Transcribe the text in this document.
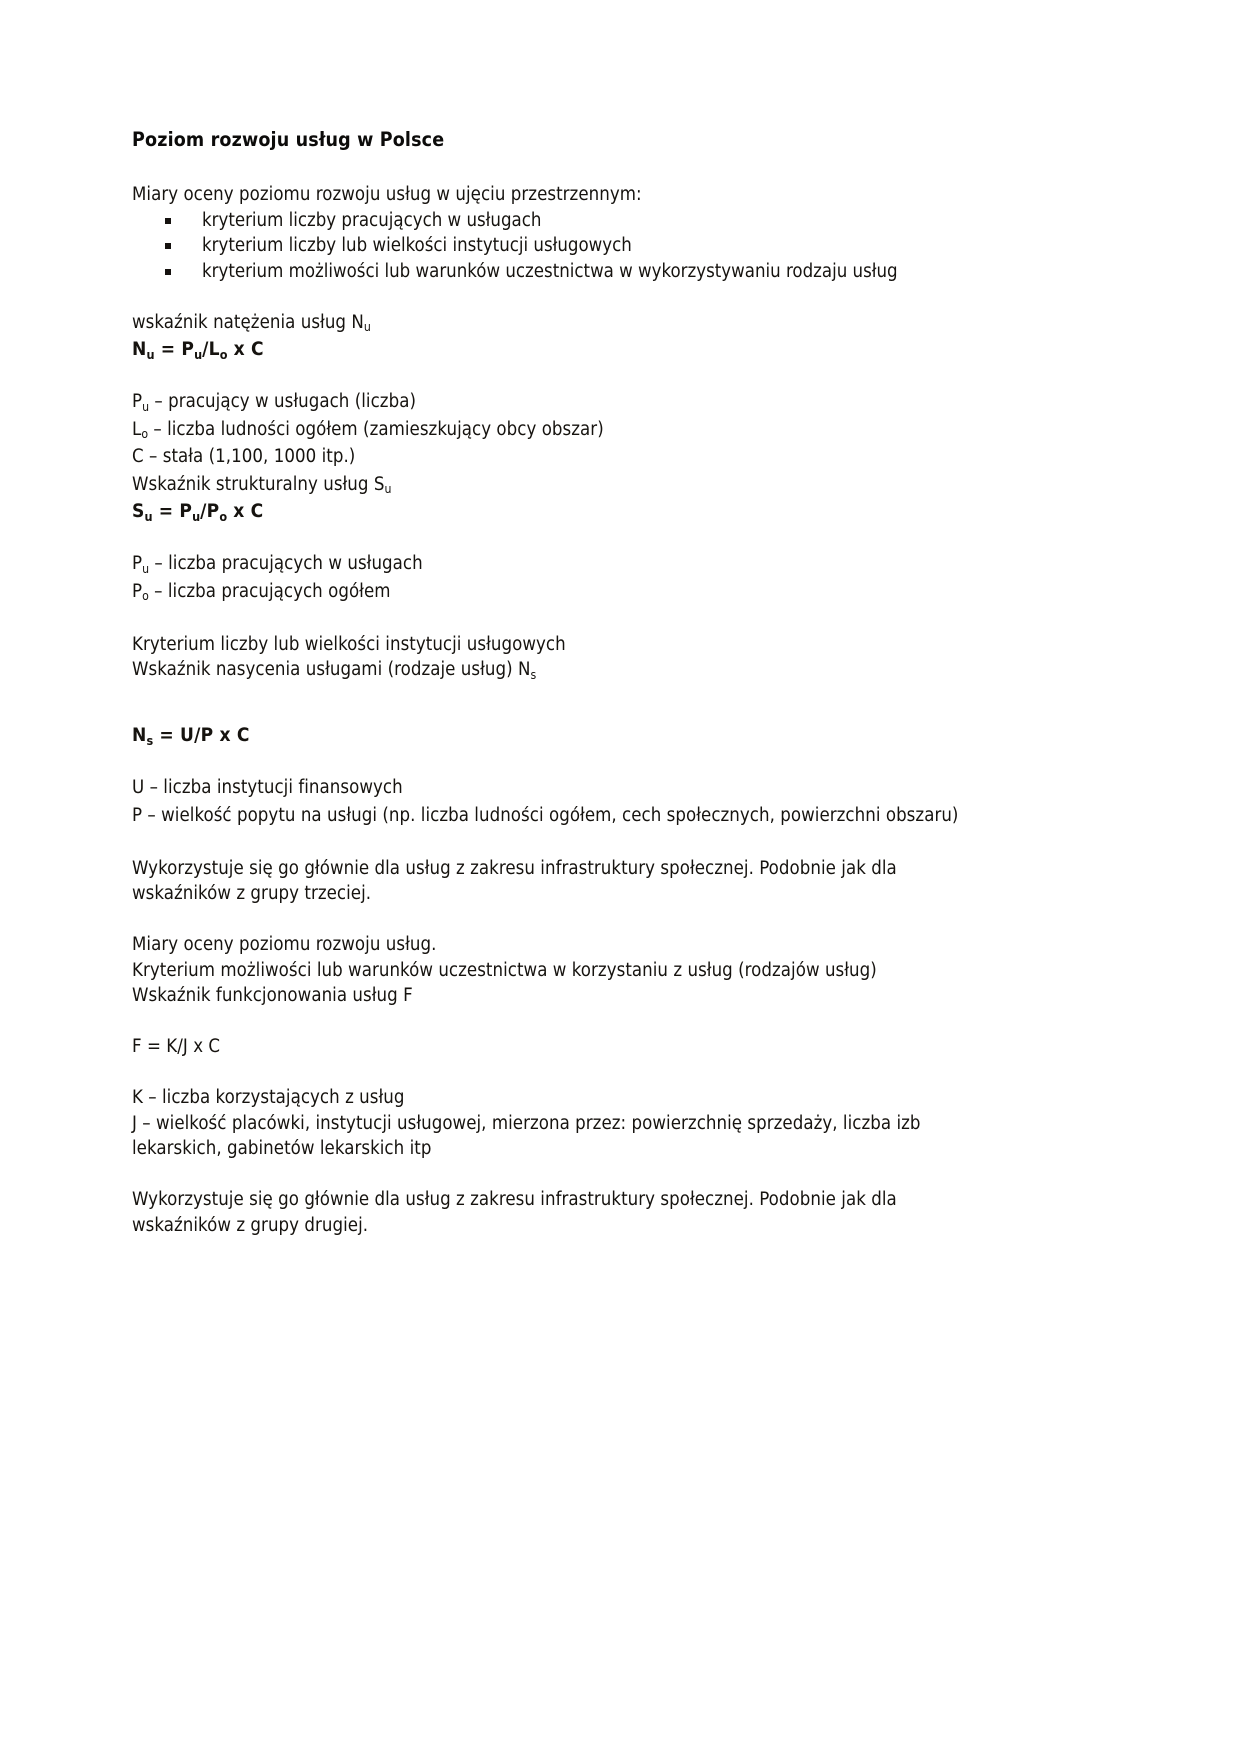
Poziom rozwoju usług w Polsce

Miary oceny poziomu rozwoju usług w ujęciu przestrzennym:

kryterium liczby pracujących w usługach
kryterium liczby lub wielkości instytucji usługowych
kryterium możliwości lub warunków uczestnictwa w wykorzystywaniu rodzaju usług

wskaźnik natężenia usług $N_u$

$N_u = P_u/L_o$ x C

$P_u$ – pracujący w usługach (liczba)

$L_o$ – liczba ludności ogółem (zamieszkujący obcy obszar)

C – stała (1,100, 1000 itp.)

Wskaźnik strukturalny usług $S_u$

$S_u = P_u/P_o$ x C

$P_u$ – liczba pracujących w usługach

$P_o$ – liczba pracujących ogółem

Kryterium liczby lub wielkości instytucji usługowych

Wskaźnik nasycenia usługami (rodzaje usług) $N_s$

$N_s = U/P$ x C

U – liczba instytucji finansowych

P – wielkość popytu na usługi (np. liczba ludności ogółem, cech społecznych, powierzchni obszaru)

Wykorzystuje się go głównie dla usług z zakresu infrastruktury społecznej. Podobnie jak dla

wskaźników z grupy trzeciej.

Miary oceny poziomu rozwoju usług.

Kryterium możliwości lub warunków uczestnictwa w korzystaniu z usług (rodzajów usług)

Wskaźnik funkcjonowania usług F

F = K/J x C

K – liczba korzystających z usług

J – wielkość placówki, instytucji usługowej, mierzona przez: powierzchnię sprzedaży, liczba izb

lekarskich, gabinetów lekarskich itp

Wykorzystuje się go głównie dla usług z zakresu infrastruktury społecznej. Podobnie jak dla

wskaźników z grupy drugiej.
